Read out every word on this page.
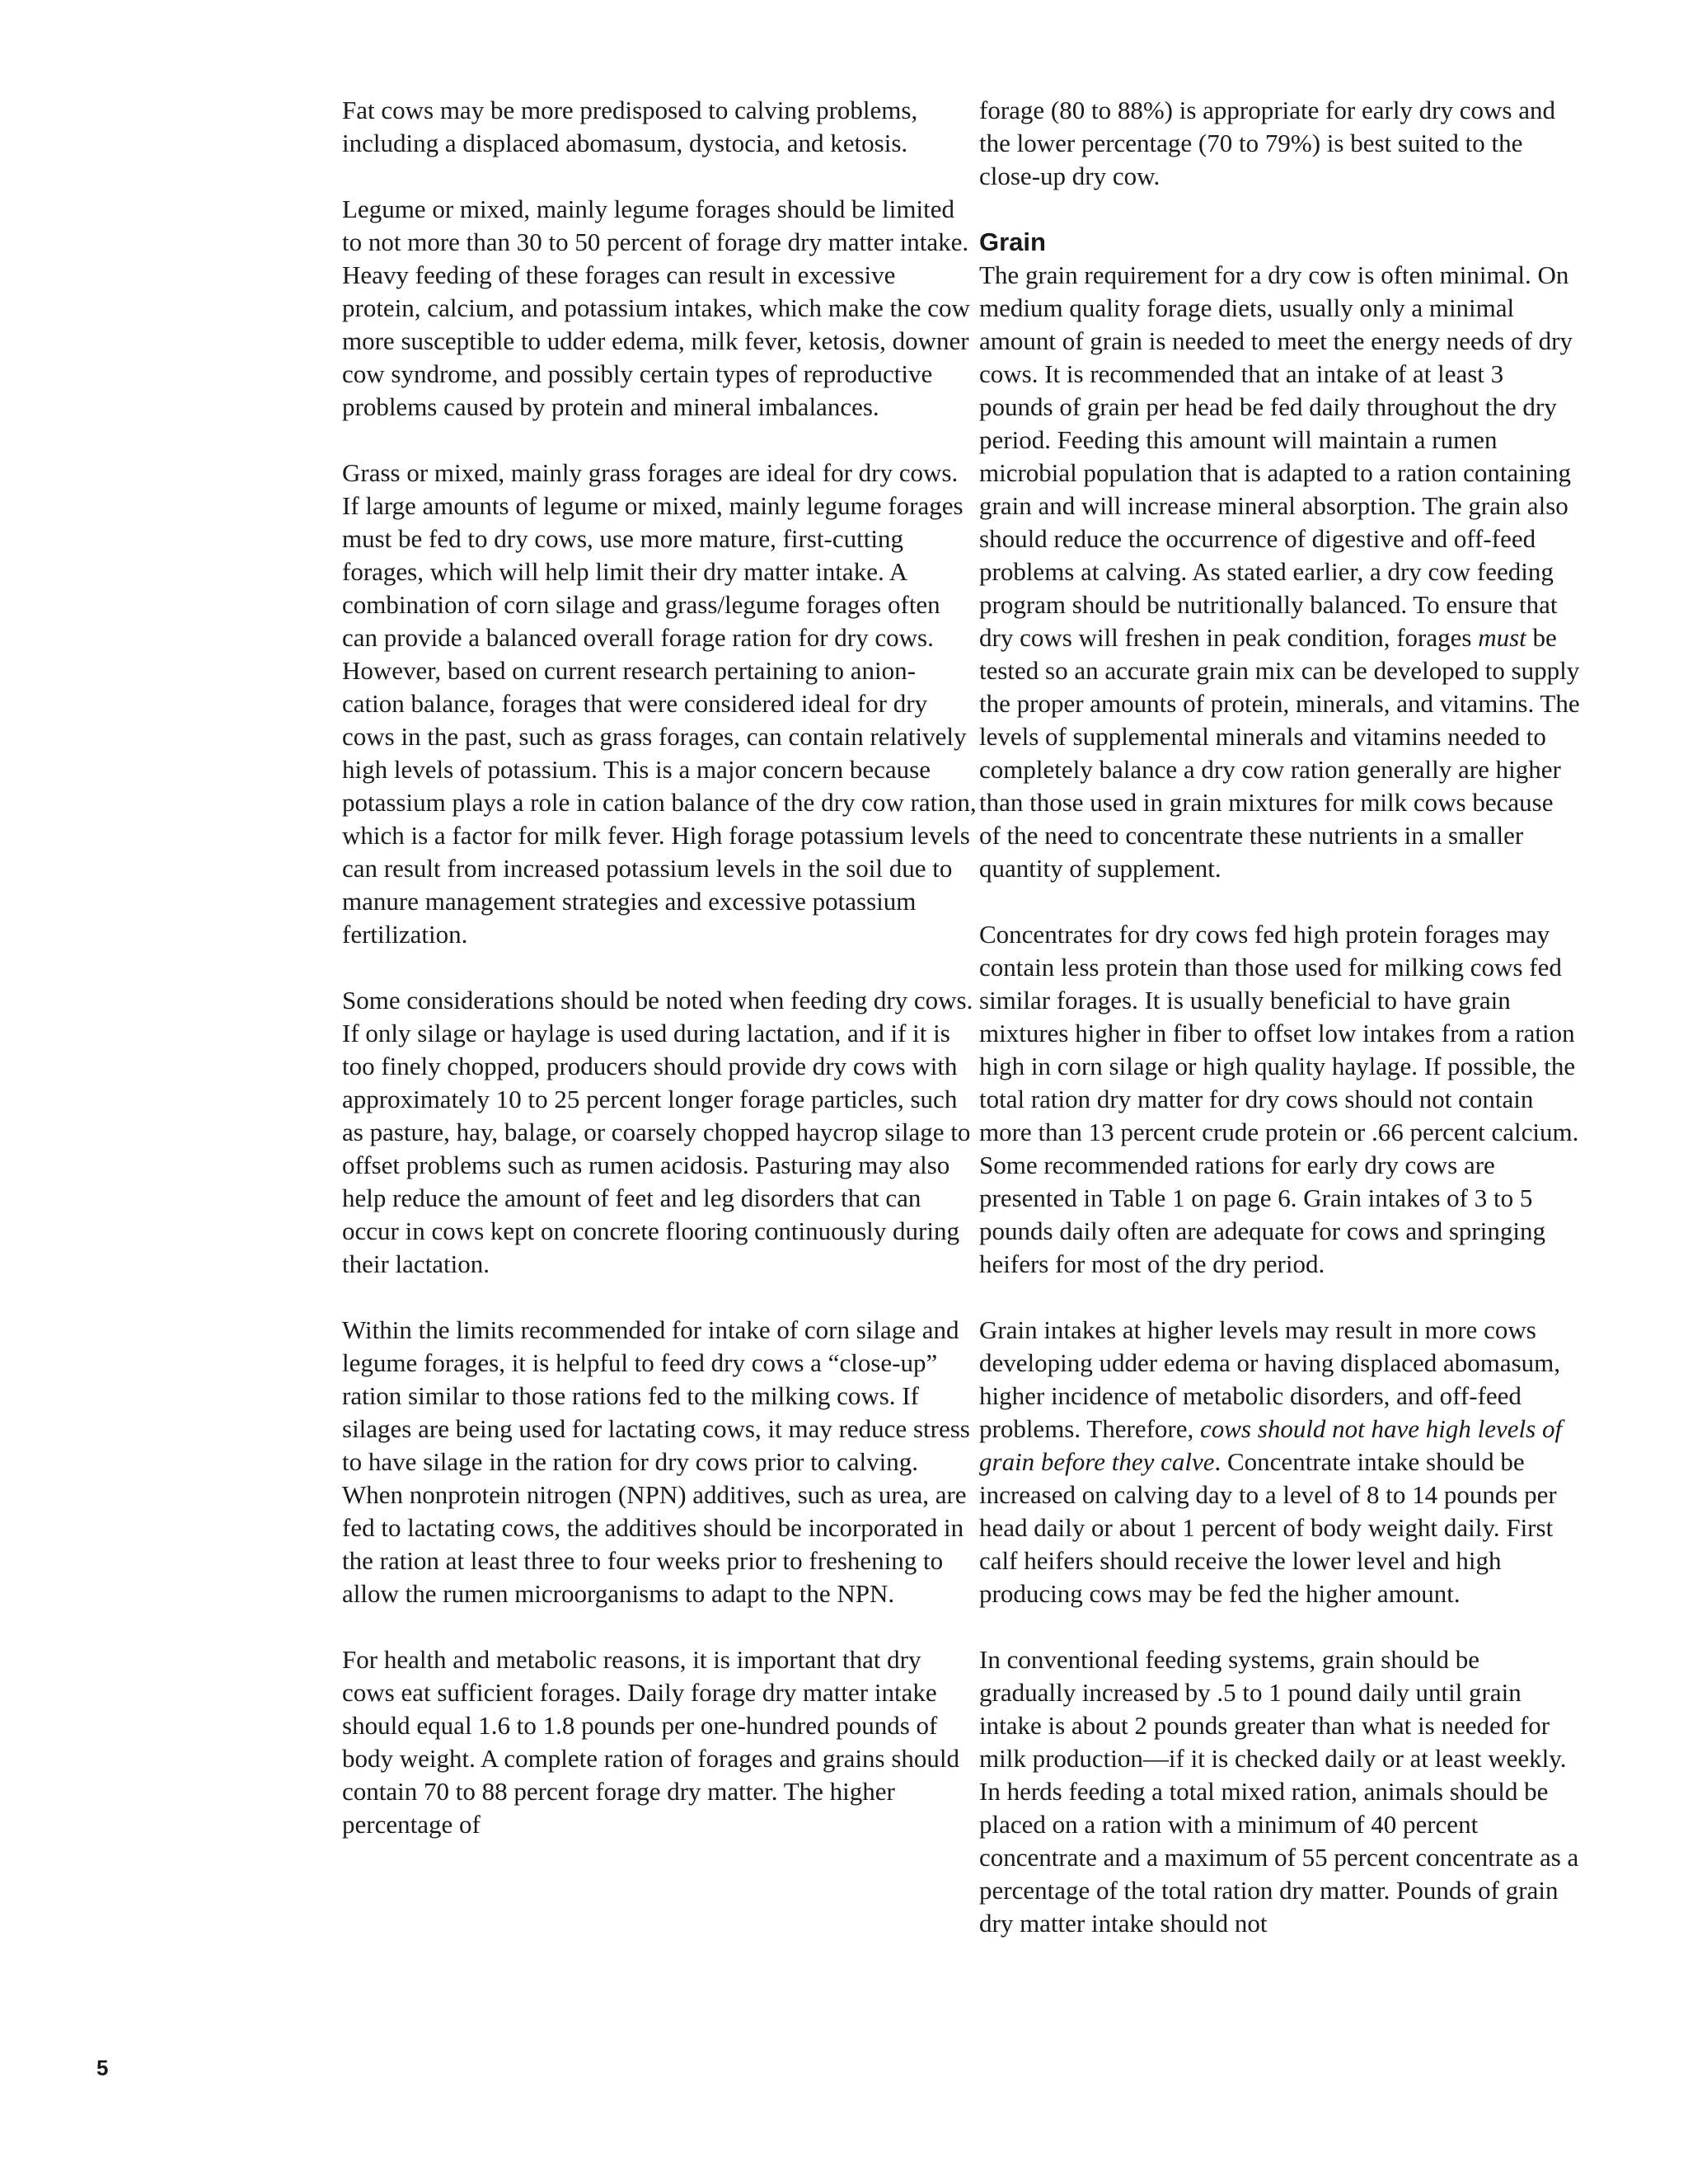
Fat cows may be more predisposed to calving problems, including a displaced abomasum, dystocia, and ketosis.

Legume or mixed, mainly legume forages should be limited to not more than 30 to 50 percent of forage dry matter intake. Heavy feeding of these forages can result in excessive protein, calcium, and potassium intakes, which make the cow more susceptible to udder edema, milk fever, ketosis, downer cow syndrome, and possibly certain types of reproductive problems caused by protein and mineral imbalances.

Grass or mixed, mainly grass forages are ideal for dry cows. If large amounts of legume or mixed, mainly legume forages must be fed to dry cows, use more mature, first-cutting forages, which will help limit their dry matter intake. A combination of corn silage and grass/legume forages often can provide a balanced overall forage ration for dry cows. However, based on current research pertaining to anion-cation balance, forages that were considered ideal for dry cows in the past, such as grass forages, can contain relatively high levels of potassium. This is a major concern because potassium plays a role in cation balance of the dry cow ration, which is a factor for milk fever. High forage potassium levels can result from increased potassium levels in the soil due to manure management strategies and excessive potassium fertilization.

Some considerations should be noted when feeding dry cows. If only silage or haylage is used during lactation, and if it is too finely chopped, producers should provide dry cows with approximately 10 to 25 percent longer forage particles, such as pasture, hay, balage, or coarsely chopped haycrop silage to offset problems such as rumen acidosis. Pasturing may also help reduce the amount of feet and leg disorders that can occur in cows kept on concrete flooring continuously during their lactation.

Within the limits recommended for intake of corn silage and legume forages, it is helpful to feed dry cows a “close-up” ration similar to those rations fed to the milking cows. If silages are being used for lactating cows, it may reduce stress to have silage in the ration for dry cows prior to calving. When nonprotein nitrogen (NPN) additives, such as urea, are fed to lactating cows, the additives should be incorporated in the ration at least three to four weeks prior to freshening to allow the rumen microorganisms to adapt to the NPN.

For health and metabolic reasons, it is important that dry cows eat sufficient forages. Daily forage dry matter intake should equal 1.6 to 1.8 pounds per one-hundred pounds of body weight. A complete ration of forages and grains should contain 70 to 88 percent forage dry matter. The higher percentage of

forage (80 to 88%) is appropriate for early dry cows and the lower percentage (70 to 79%) is best suited to the close-up dry cow.

Grain

The grain requirement for a dry cow is often minimal. On medium quality forage diets, usually only a minimal amount of grain is needed to meet the energy needs of dry cows. It is recommended that an intake of at least 3 pounds of grain per head be fed daily throughout the dry period. Feeding this amount will maintain a rumen microbial population that is adapted to a ration containing grain and will increase mineral absorption. The grain also should reduce the occurrence of digestive and off-feed problems at calving. As stated earlier, a dry cow feeding program should be nutritionally balanced. To ensure that dry cows will freshen in peak condition, forages must be tested so an accurate grain mix can be developed to supply the proper amounts of protein, minerals, and vitamins. The levels of supplemental minerals and vitamins needed to completely balance a dry cow ration generally are higher than those used in grain mixtures for milk cows because of the need to concentrate these nutrients in a smaller quantity of supplement.

Concentrates for dry cows fed high protein forages may contain less protein than those used for milking cows fed similar forages. It is usually beneficial to have grain mixtures higher in fiber to offset low intakes from a ration high in corn silage or high quality haylage. If possible, the total ration dry matter for dry cows should not contain more than 13 percent crude protein or .66 percent calcium. Some recommended rations for early dry cows are presented in Table 1 on page 6. Grain intakes of 3 to 5 pounds daily often are adequate for cows and springing heifers for most of the dry period.

Grain intakes at higher levels may result in more cows developing udder edema or having displaced abomasum, higher incidence of metabolic disorders, and off-feed problems. Therefore, cows should not have high levels of grain before they calve. Concentrate intake should be increased on calving day to a level of 8 to 14 pounds per head daily or about 1 percent of body weight daily. First calf heifers should receive the lower level and high producing cows may be fed the higher amount.

In conventional feeding systems, grain should be gradually increased by .5 to 1 pound daily until grain intake is about 2 pounds greater than what is needed for milk production—if it is checked daily or at least weekly. In herds feeding a total mixed ration, animals should be placed on a ration with a minimum of 40 percent concentrate and a maximum of 55 percent concentrate as a percentage of the total ration dry matter. Pounds of grain dry matter intake should not

5
